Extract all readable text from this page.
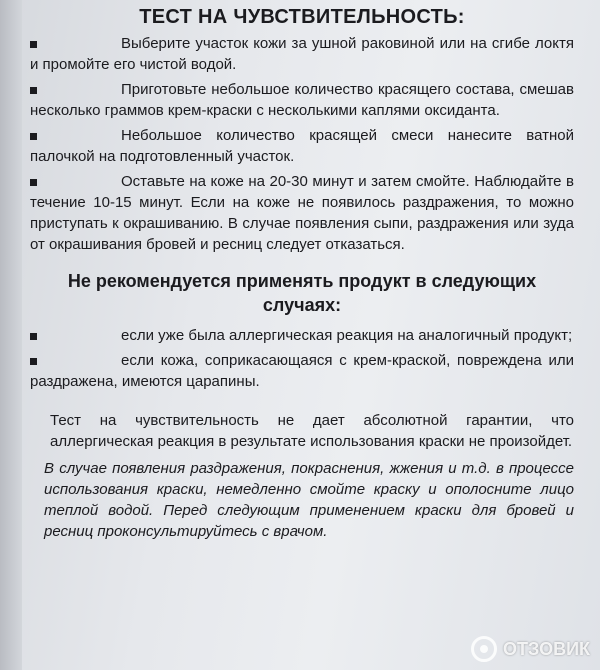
ТЕСТ НА ЧУВСТВИТЕЛЬНОСТЬ:

Выберите участок кожи за ушной раковиной или на сгибе локтя и промойте его чистой водой.

Приготовьте небольшое количество красящего состава, смешав несколько граммов крем-краски с несколькими каплями оксиданта.

Небольшое количество красящей смеси нанесите ватной палочкой на подготовленный участок.

Оставьте на коже на 20-30 минут и затем смойте. Наблюдайте в течение 10-15 минут. Если на коже не появилось раздражения, то можно приступать к окрашиванию. В случае появления сыпи, раздражения или зуда от окрашивания бровей и ресниц следует отказаться.

Не рекомендуется применять продукт в следующих случаях:

если уже была аллергическая реакция на аналогичный продукт;

если кожа, соприкасающаяся с крем-краской, повреждена или раздражена, имеются царапины.

Тест на чувствительность не дает абсолютной гарантии, что аллергическая реакция в результате использования краски не произойдет.

В случае появления раздражения, покраснения, жжения и т.д. в процессе использования краски, немедленно смойте краску и ополосните лицо теплой водой. Перед следующим применением краски для бровей и ресниц проконсультируйтесь с врачом.

ОТЗОВИК
